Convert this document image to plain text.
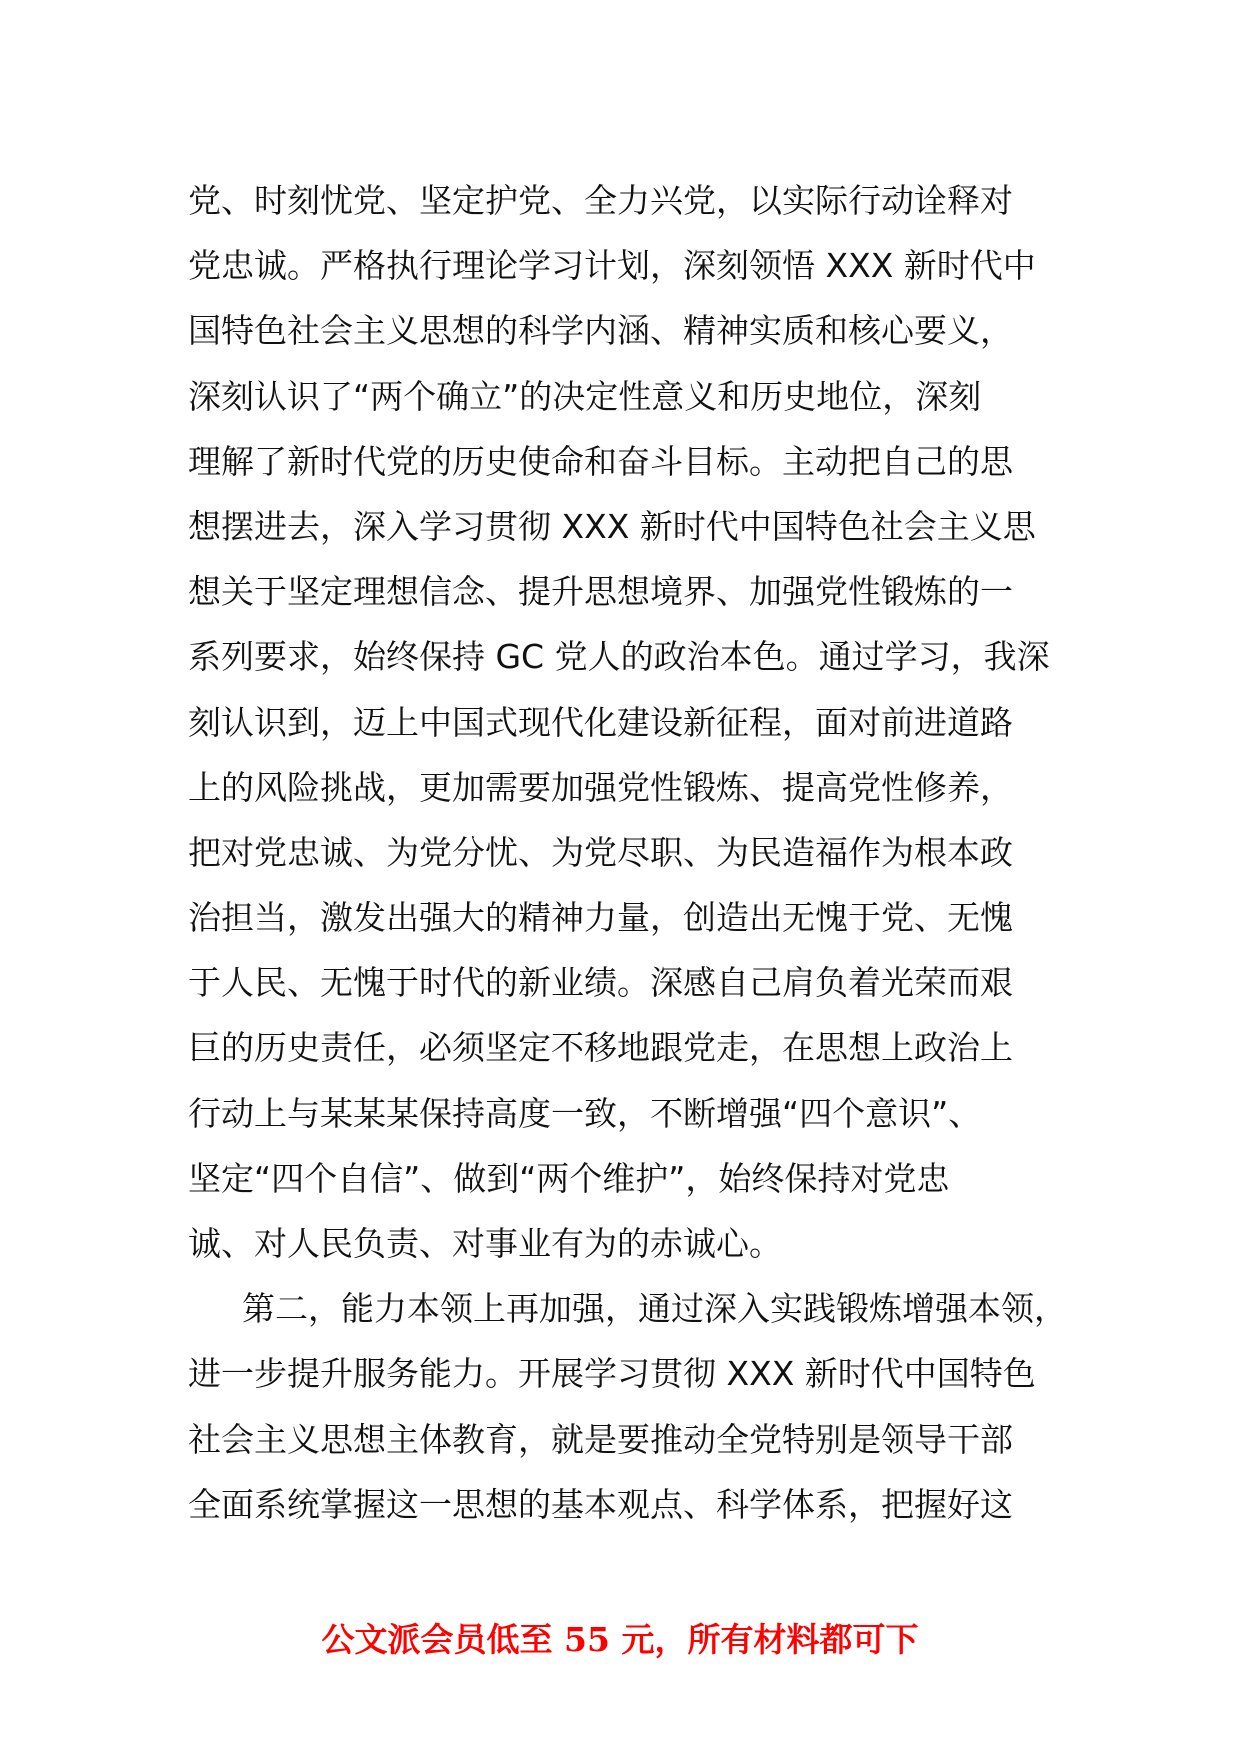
党、时刻忧党、坚定护党、全力兴党，以实际行动诠释对
党忠诚。严格执行理论学习计划，深刻领悟 XXX 新时代中
国特色社会主义思想的科学内涵、精神实质和核心要义，
深刻认识了“两个确立”的决定性意义和历史地位，深刻
理解了新时代党的历史使命和奋斗目标。主动把自己的思
想摆进去，深入学习贯彻 XXX 新时代中国特色社会主义思
想关于坚定理想信念、提升思想境界、加强党性锻炼的一
系列要求，始终保持 GC 党人的政治本色。通过学习，我深
刻认识到，迈上中国式现代化建设新征程，面对前进道路
上的风险挑战，更加需要加强党性锻炼、提高党性修养，
把对党忠诚、为党分忧、为党尽职、为民造福作为根本政
治担当，激发出强大的精神力量，创造出无愧于党、无愧
于人民、无愧于时代的新业绩。深感自己肩负着光荣而艰
巨的历史责任，必须坚定不移地跟党走，在思想上政治上
行动上与某某某保持高度一致，不断增强“四个意识”、
坚定“四个自信”、做到“两个维护”，始终保持对党忠
诚、对人民负责、对事业有为的赤诚心。
第二，能力本领上再加强，通过深入实践锻炼增强本领，
进一步提升服务能力。开展学习贯彻 XXX 新时代中国特色
社会主义思想主体教育，就是要推动全党特别是领导干部
全面系统掌握这一思想的基本观点、科学体系，把握好这
公文派会员低至 55 元，所有材料都可下
